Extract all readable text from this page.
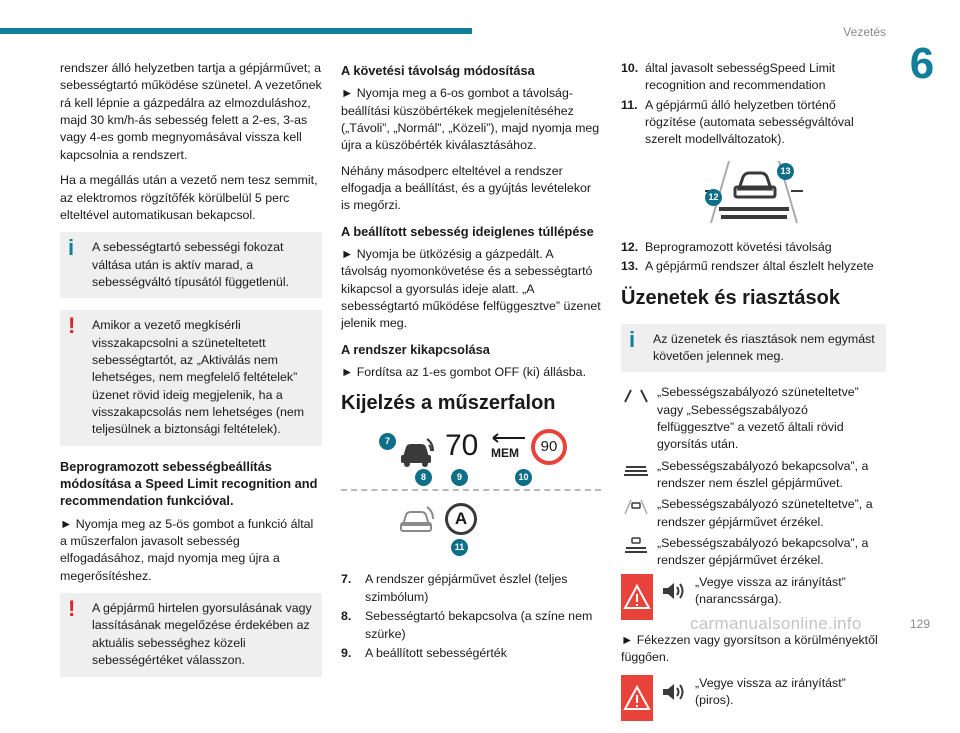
Vezetés
6

rendszer álló helyzetben tartja a gépjárművet; a sebességtartó működése szünetel. A vezetőnek rá kell lépnie a gázpedálra az elmozduláshoz, majd 30 km/h-ás sebesség felett a 2-es, 3-as vagy 4-es gomb megnyomásával vissza kell kapcsolnia a rendszert.

Ha a megállás után a vezető nem tesz semmit, az elektromos rögzítőfék körülbelül 5 perc elteltével automatikusan bekapcsol.

i	A sebességtartó sebességi fokozat váltása után is aktív marad, a sebességváltó típusától függetlenül.
!	Amikor a vezető megkísérli visszakapcsolni a szüneteltetett sebességtartót, az „Aktiválás nem lehetséges, nem megfelelő feltételek” üzenet rövid ideig megjelenik, ha a visszakapcsolás nem lehetséges (nem teljesülnek a biztonsági feltételek).
Beprogramozott sebességbeállítás módosítása a Speed Limit recognition and recommendation funkcióval.

► Nyomja meg az 5-ös gombot a funkció által a műszerfalon javasolt sebesség elfogadásához, majd nyomja meg újra a megerősítéshez.

!	A gépjármű hirtelen gyorsulásának vagy lassításának megelőzése érdekében az aktuális sebességhez közeli sebességértéket válasszon.
A követési távolság módosítása

► Nyomja meg a 6-os gombot a távolság-beállítási küszöbértékek megjelenítéséhez („Távoli”, „Normál”, „Közeli”), majd nyomja meg újra a küszöbérték kiválasztásához.

Néhány másodperc elteltével a rendszer elfogadja a beállítást, és a gyújtás levételekor is megőrzi.

A beállított sebesség ideiglenes túllépése

► Nyomja be ütközésig a gázpedált. A távolság nyomonkövetése és a sebességtartó kikapcsol a gyorsulás ideje alatt. „A sebességtartó működése felfüggesztve” üzenet jelenik meg.

A rendszer kikapcsolása

► Fordítsa az 1-es gombot OFF (ki) állásba.

Kijelzés a műszerfalon
70 MEM	90
7
8	9	10
A
11
7.	A rendszer gépjárművet észlel (teljes szimbólum)
8.	Sebességtartó bekapcsolva (a színe nem szürke)
9.	A beállított sebességérték
10. által javasolt sebességSpeed Limit recognition and recommendation
11. A gépjármű álló helyzetben történő rögzítése (automata sebességváltóval szerelt modellváltozatok).
12
13
12. Beprogramozott követési távolság
13. A gépjármű rendszer által észlelt helyzete
Üzenetek és riasztások
i	Az üzenetek és riasztások nem egymást követően jelennek meg.
„Sebességszabályozó szüneteltetve” vagy „Sebességszabályozó felfüggesztve” a vezető általi rövid gyorsítás után.
„Sebességszabályozó bekapcsolva”, a rendszer nem észlel gépjárművet.
„Sebességszabályozó szüneteltetve”, a rendszer gépjárművet érzékel.
„Sebességszabályozó bekapcsolva”, a rendszer gépjárművet érzékel.
„Vegye vissza az irányítást” (narancssárga).

► Fékezzen vagy gyorsítson a körülményektől függően.

„Vegye vissza az irányítást” (piros).
carmanualsonline.info	129
